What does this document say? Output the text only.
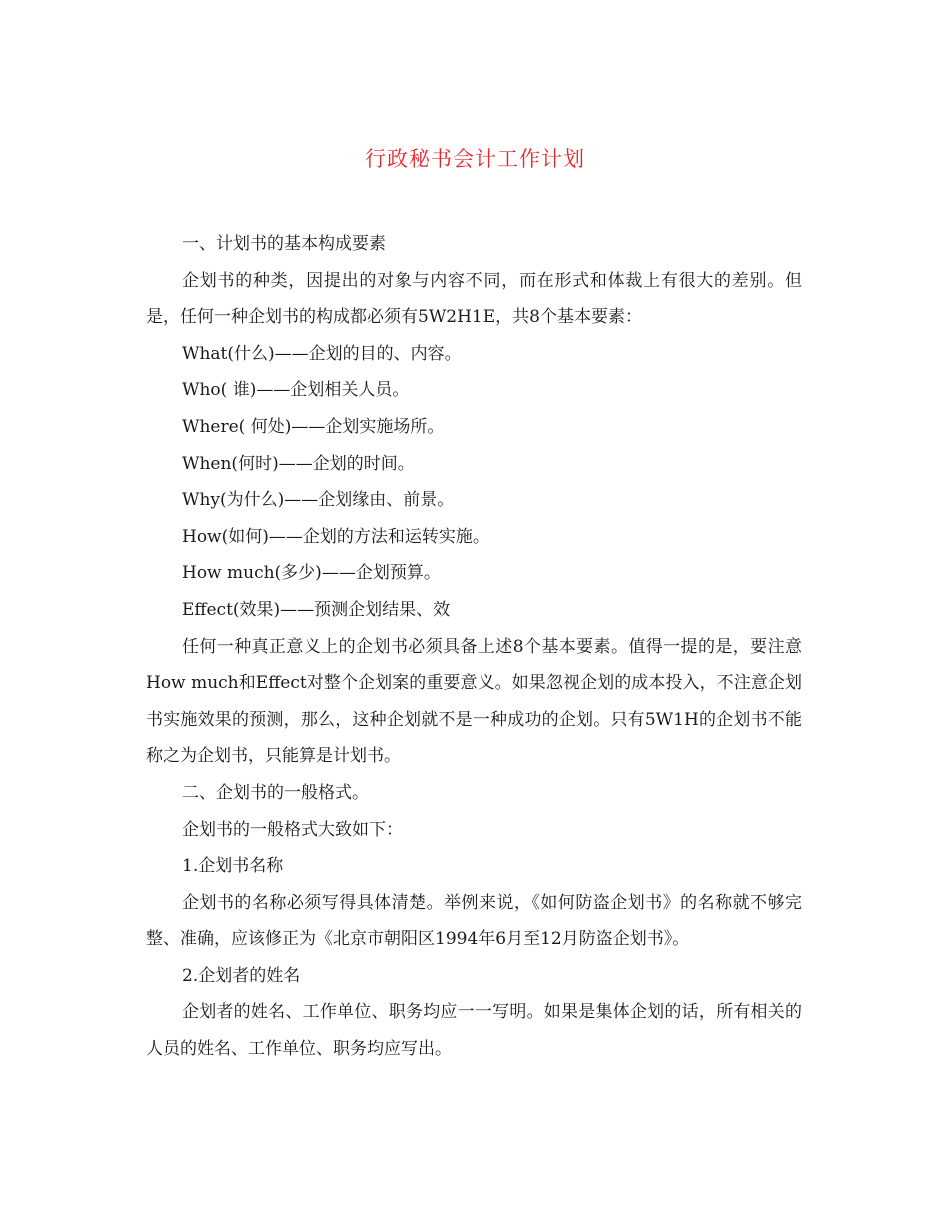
行政秘书会计工作计划

一、计划书的基本构成要素

企划书的种类，因提出的对象与内容不同，而在形式和体裁上有很大的差别。但是，任何一种企划书的构成都必须有5W2H1E，共8个基本要素：

What(什么)——企划的目的、内容。

Who( 谁)——企划相关人员。

Where( 何处)——企划实施场所。

When(何时)——企划的时间。

Why(为什么)——企划缘由、前景。

How(如何)——企划的方法和运转实施。

How much(多少)——企划预算。

Effect(效果)——预测企划结果、效

任何一种真正意义上的企划书必须具备上述8个基本要素。值得一提的是，要注意How much和Effect对整个企划案的重要意义。如果忽视企划的成本投入，不注意企划书实施效果的预测，那么，这种企划就不是一种成功的企划。只有5W1H的企划书不能称之为企划书，只能算是计划书。

二、企划书的一般格式。

企划书的一般格式大致如下：

1.企划书名称

企划书的名称必须写得具体清楚。举例来说，《如何防盗企划书》的名称就不够完整、准确，应该修正为《北京市朝阳区1994年6月至12月防盗企划书》。

2.企划者的姓名

企划者的姓名、工作单位、职务均应一一写明。如果是集体企划的话，所有相关的人员的姓名、工作单位、职务均应写出。
